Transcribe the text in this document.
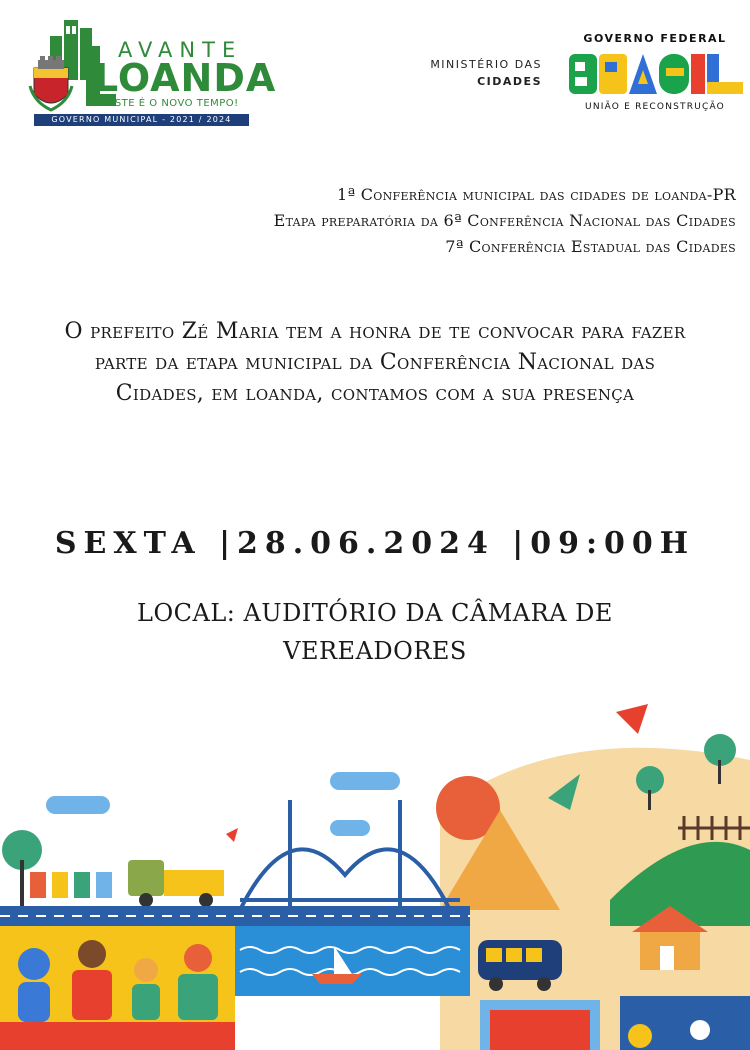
AVANTE
LOANDA
ESTE É O NOVO TEMPO!
GOVERNO MUNICIPAL - 2021 / 2024
MINISTÉRIO DAS
CIDADES
GOVERNO FEDERAL
UNIÃO E RECONSTRUÇÃO
1ª Conferência municipal das cidades de loanda-PR
Etapa preparatória da 6ª Conferência Nacional das Cidades
7ª Conferência Estadual das Cidades
O prefeito Zé Maria tem a honra de te convocar para fazer parte da etapa municipal da Conferência Nacional das Cidades, em loanda, contamos com a sua presença
SEXTA |28.06.2024 |09:00H
LOCAL: AUDITÓRIO DA CÂMARA DE VEREADORES
